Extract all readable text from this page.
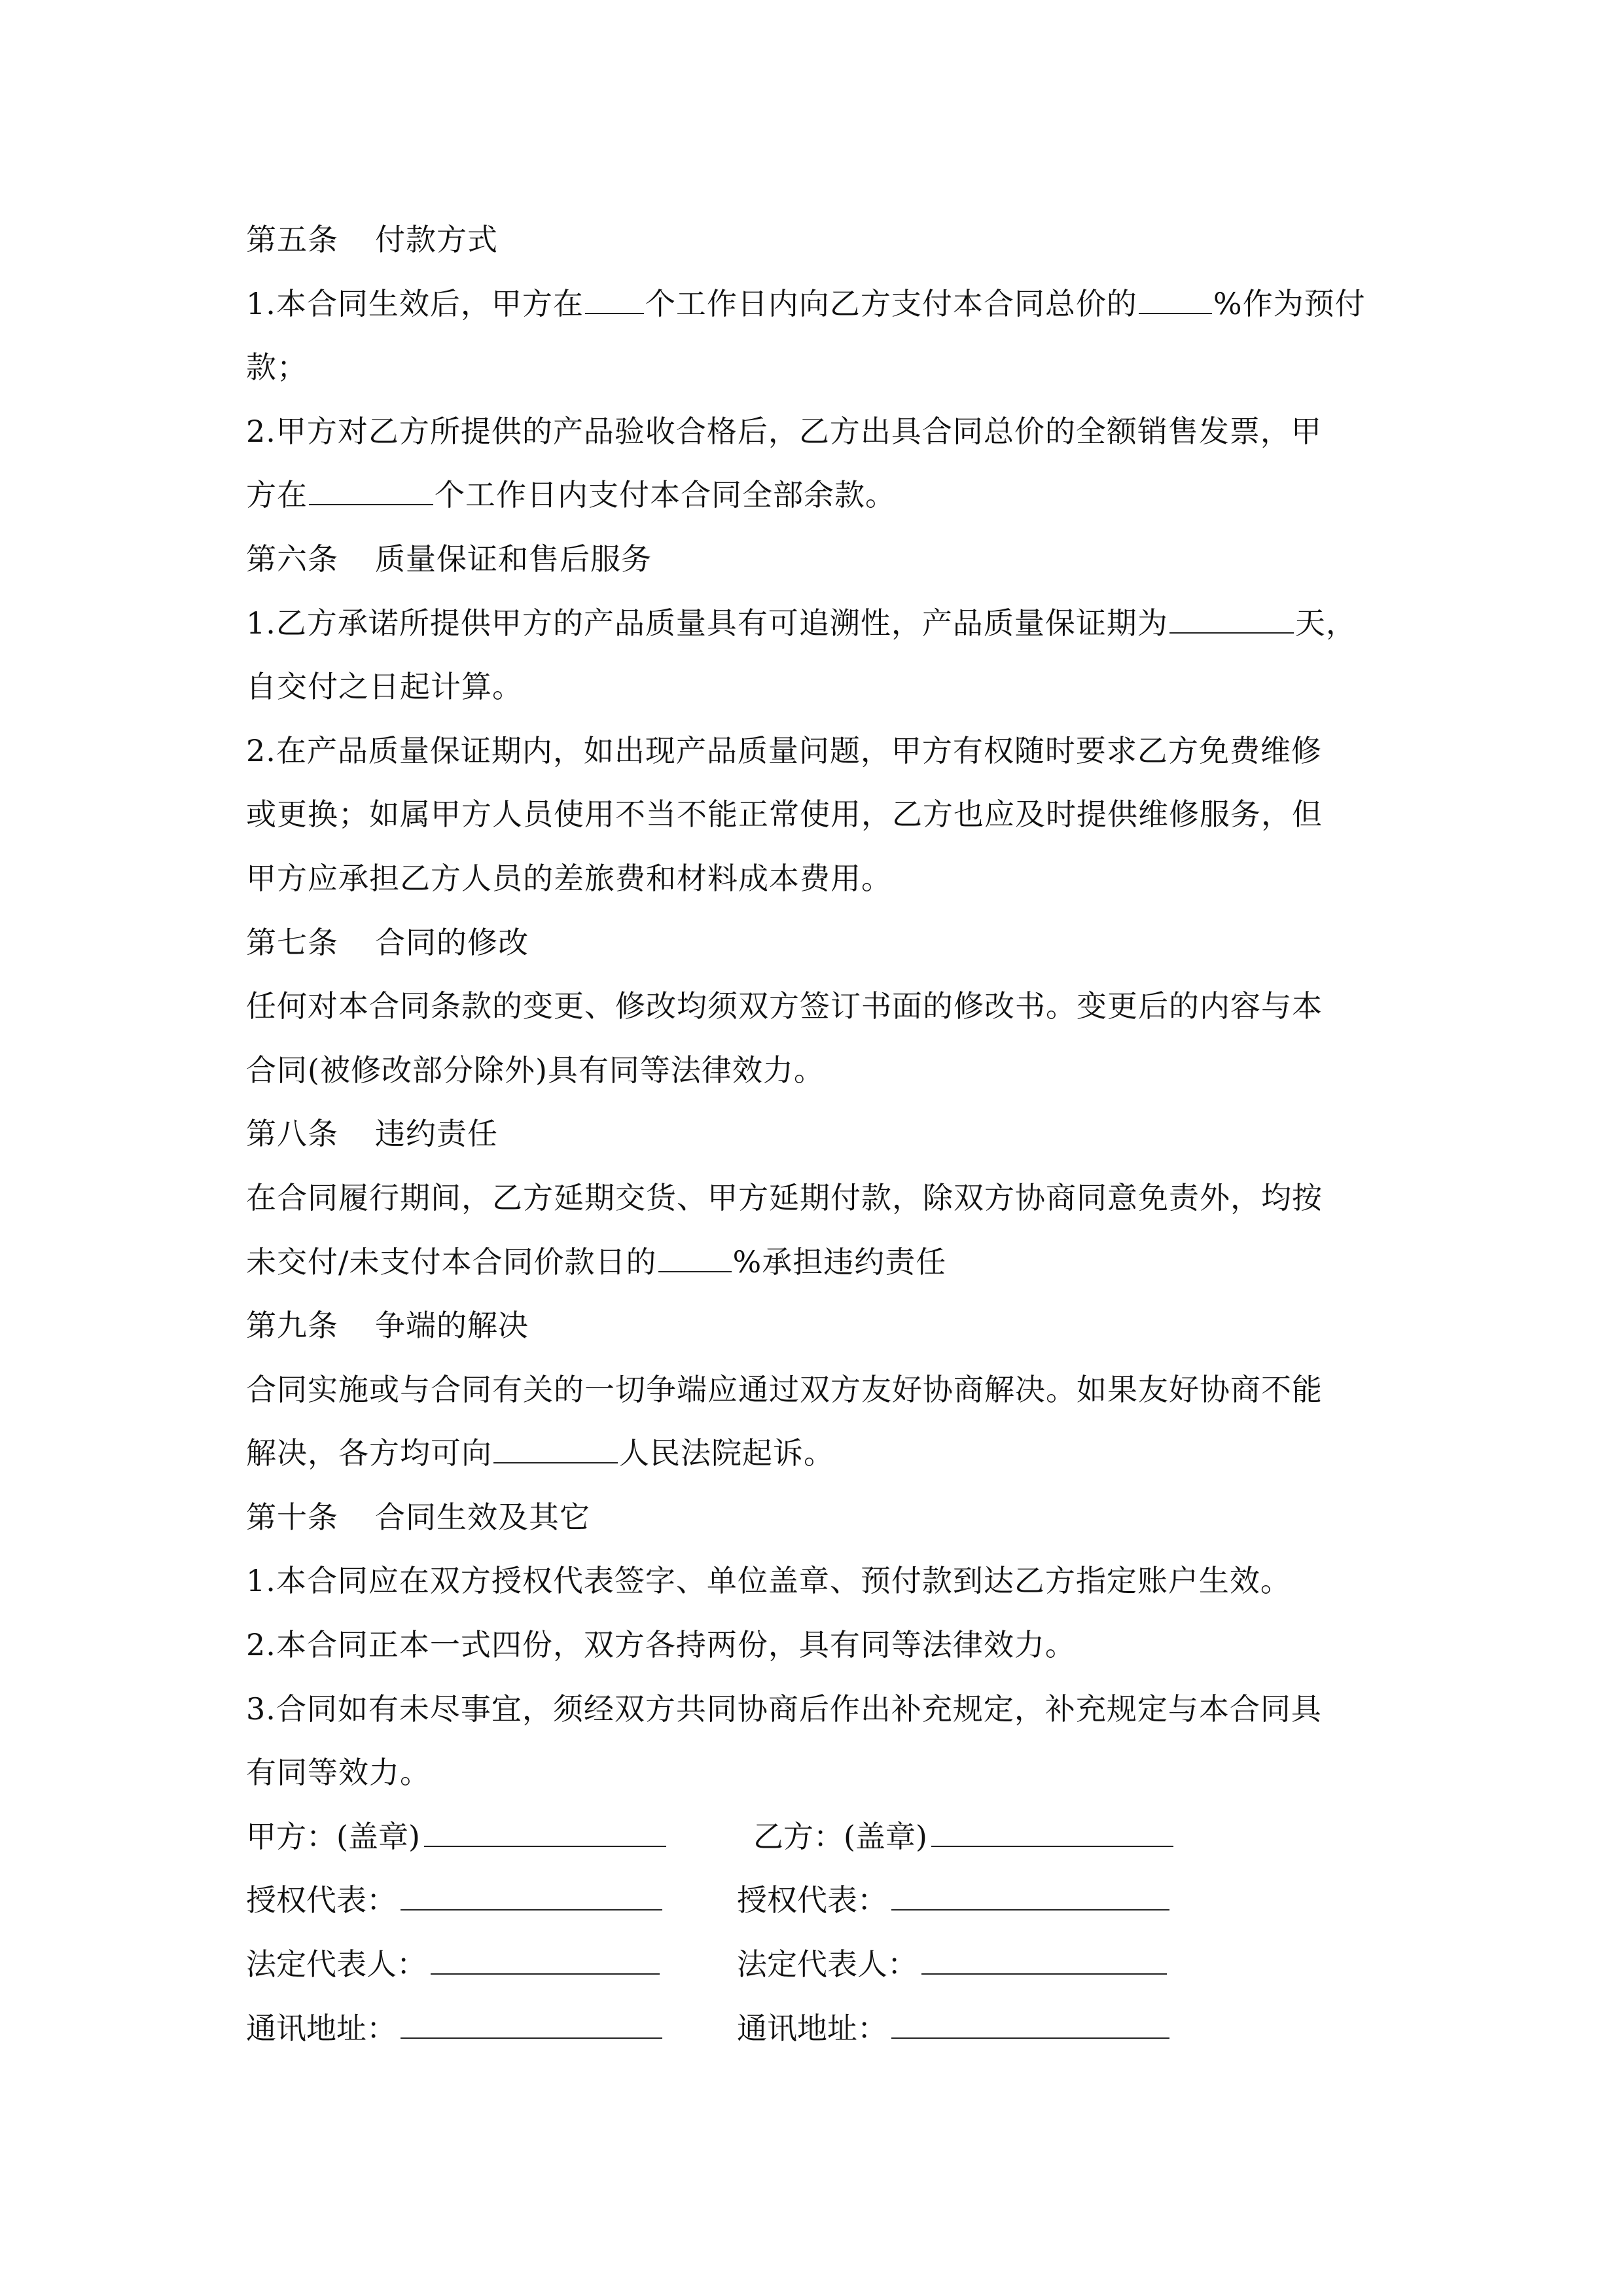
第五条 付款方式
1.本合同生效后，甲方在 个工作日内向乙方支付本合同总价的	%作为预付
款；
2.甲方对乙方所提供的产品验收合格后，乙方出具合同总价的全额销售发票，甲
方在	个工作日内支付本合同全部余款。
第六条 质量保证和售后服务
1.乙方承诺所提供甲方的产品质量具有可追溯性，产品质量保证期为	天，
自交付之日起计算。
2.在产品质量保证期内，如出现产品质量问题，甲方有权随时要求乙方免费维修
或更换；如属甲方人员使用不当不能正常使用，乙方也应及时提供维修服务，但
甲方应承担乙方人员的差旅费和材料成本费用。
第七条 合同的修改
任何对本合同条款的变更、修改均须双方签订书面的修改书。变更后的内容与本
合同(被修改部分除外)具有同等法律效力。
第八条 违约责任
在合同履行期间，乙方延期交货、甲方延期付款，除双方协商同意免责外，均按
未交付/未支付本合同价款日的	%承担违约责任
第九条 争端的解决
合同实施或与合同有关的一切争端应通过双方友好协商解决。如果友好协商不能
解决，各方均可向	人民法院起诉。
第十条 合同生效及其它
1.本合同应在双方授权代表签字、单位盖章、预付款到达乙方指定账户生效。
2.本合同正本一式四份，双方各持两份，具有同等法律效力。
3.合同如有未尽事宜，须经双方共同协商后作出补充规定，补充规定与本合同具
有同等效力。
甲方：(盖章)	乙方：(盖章)
授权代表：	授权代表：
法定代表人：	法定代表人：
通讯地址：	通讯地址：
